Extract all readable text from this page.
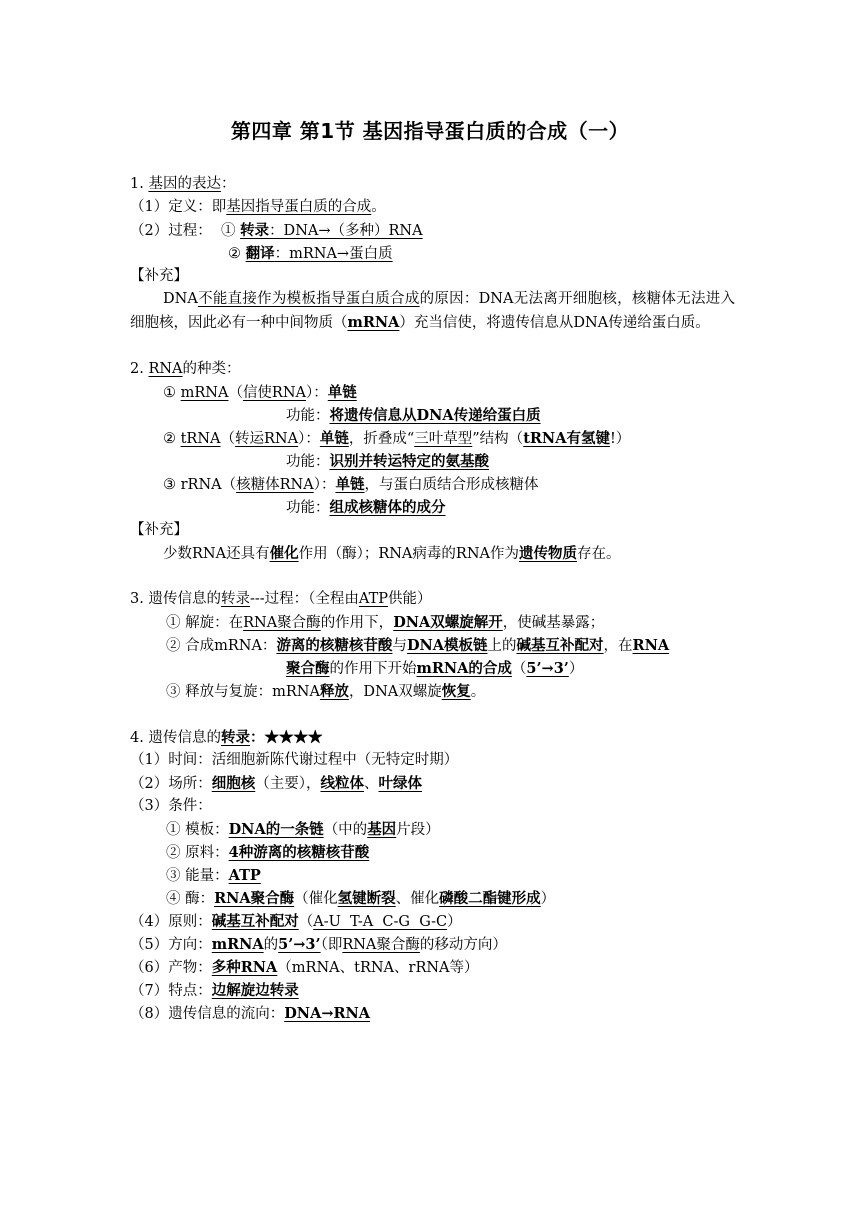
第四章 第1节 基因指导蛋白质的合成（一）
1. 基因的表达：
（1）定义：即基因指导蛋白质的合成。
（2）过程：  ① 转录：DNA→（多种）RNA
② 翻译：mRNA→蛋白质
【补充】
DNA不能直接作为模板指导蛋白质合成的原因：DNA无法离开细胞核，核糖体无法进入细胞核，因此必有一种中间物质（mRNA）充当信使，将遗传信息从DNA传递给蛋白质。
2. RNA的种类：
① mRNA（信使RNA）：单链
功能：将遗传信息从DNA传递给蛋白质
② tRNA（转运RNA）：单链，折叠成“三叶草型”结构（tRNA有氢键!）
功能：识别并转运特定的氨基酸
③ rRNA（核糖体RNA）：单链，与蛋白质结合形成核糖体
功能：组成核糖体的成分
【补充】
少数RNA还具有催化作用（酶）；RNA病毒的RNA作为遗传物质存在。
3. 遗传信息的转录---过程：（全程由ATP供能）
① 解旋：在RNA聚合酶的作用下，DNA双螺旋解开，使碱基暴露；
② 合成mRNA：游离的核糖核苷酸与DNA模板链上的碱基互补配对，在RNA
聚合酶的作用下开始mRNA的合成（5’→3’）
③ 释放与复旋：mRNA释放，DNA双螺旋恢复。
4. 遗传信息的转录：★★★★
（1）时间：活细胞新陈代谢过程中（无特定时期）
（2）场所：细胞核（主要），线粒体、叶绿体
（3）条件：
① 模板：DNA的一条链（中的基因片段）
② 原料：4种游离的核糖核苷酸
③ 能量：ATP
④ 酶：RNA聚合酶（催化氢键断裂、催化磷酸二酯键形成）
（4）原则：碱基互补配对（A-U  T-A  C-G  G-C）
（5）方向：mRNA的5’→3’（即RNA聚合酶的移动方向）
（6）产物：多种RNA（mRNA、tRNA、rRNA等）
（7）特点：边解旋边转录
（8）遗传信息的流向：DNA→RNA
